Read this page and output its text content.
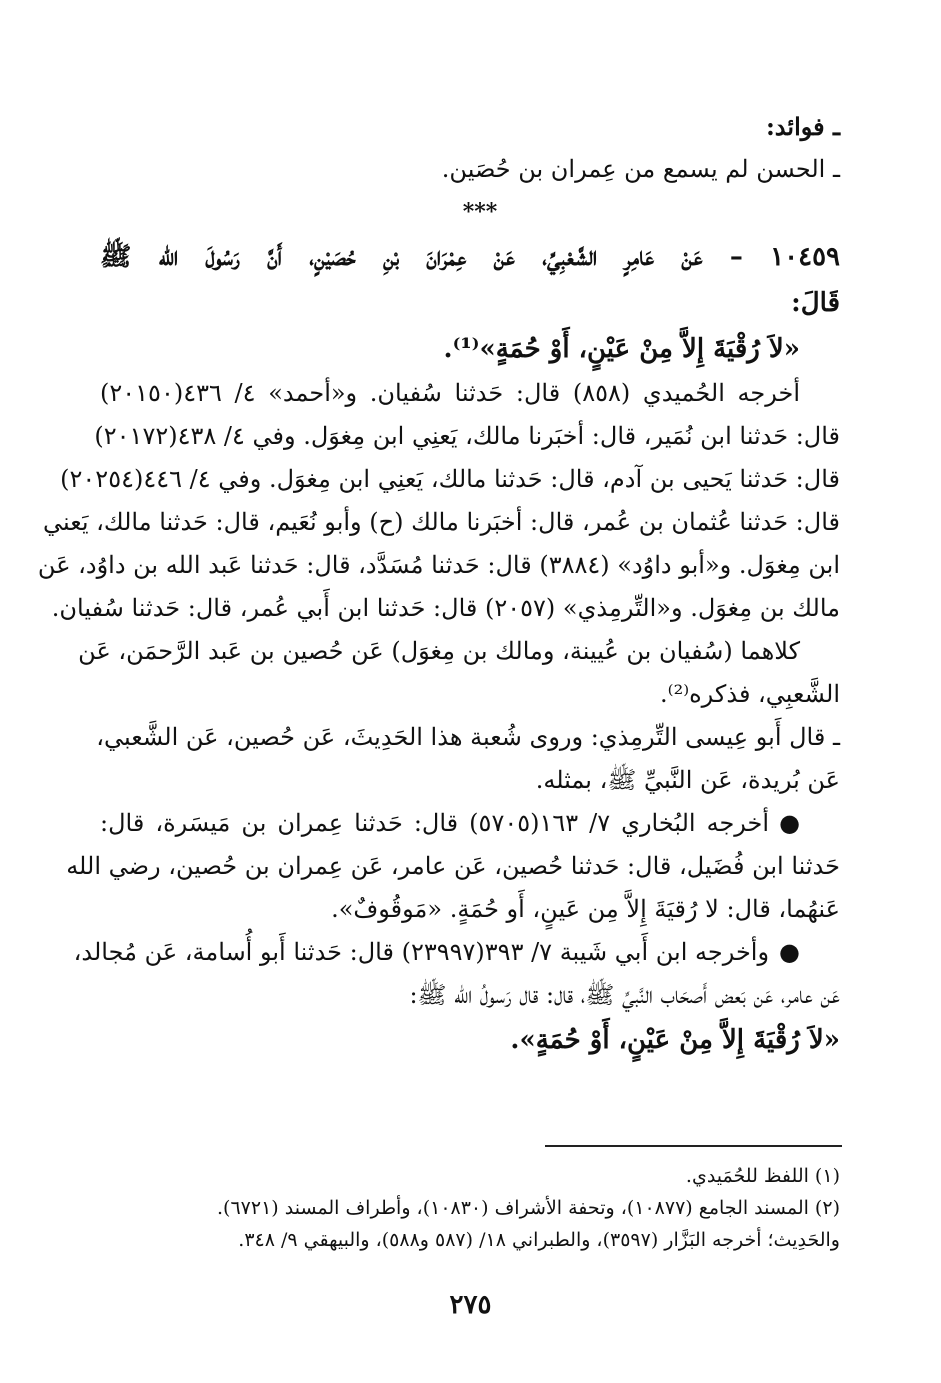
ـ فوائد:
ـ الحسن لم يسمع من عِمران بن حُصَين.
***
١٠٤٥٩ – عَنْ عَامِرٍ الشَّعْبِيِّ، عَنْ عِمْرَانَ بْنِ حُصَيْنٍ، أَنَّ رَسُولَ الله ﷺ
قَالَ:
«لاَ رُقْيَةَ إِلاَّ مِنْ عَيْنٍ، أَوْ حُمَةٍ»⁽¹⁾.
أخرجه الحُميدي (٨٥٨) قال: حَدثنا سُفيان. و«أحمد» ٤/ ٤٣٦(٢٠١٥٠)
قال: حَدثنا ابن نُمَير، قال: أخبَرنا مالك، يَعنِي ابن مِغوَل. وفي ٤/ ٤٣٨(٢٠١٧٢)
قال: حَدثنا يَحيى بن آدم، قال: حَدثنا مالك، يَعنِي ابن مِغوَل. وفي ٤/ ٤٤٦(٢٠٢٥٤)
قال: حَدثنا عُثمان بن عُمر، قال: أخبَرنا مالك (ح) وأبو نُعَيم، قال: حَدثنا مالك، يَعني
ابن مِغوَل. و«أبو داوُد» (٣٨٨٤) قال: حَدثنا مُسَدَّد، قال: حَدثنا عَبد الله بن داوُد، عَن
مالك بن مِغوَل. و«التِّرمِذي» (٢٠٥٧) قال: حَدثنا ابن أَبي عُمر، قال: حَدثنا سُفيان.
كلاهما (سُفيان بن عُيينة، ومالك بن مِغوَل) عَن حُصين بن عَبد الرَّحمَن، عَن
الشَّعبِي، فذكره⁽²⁾.
ـ قال أَبو عِيسى التِّرمِذي: وروى شُعبة هذا الحَدِيثَ، عَن حُصين، عَن الشَّعبي،
عَن بُريدة، عَن النَّبيِّ ﷺ، بمثله.
●أخرجه البُخاري ٧/ ١٦٣(٥٧٠٥) قال: حَدثنا عِمران بن مَيسَرة، قال:
حَدثنا ابن فُضَيل، قال: حَدثنا حُصين، عَن عامر، عَن عِمران بن حُصين، رضي الله
عَنهُما، قال: لا رُقيَةَ إِلاَّ مِن عَينٍ، أَو حُمَةٍ. «مَوقُوفٌ».
●وأخرجه ابن أَبي شَيبة ٧/ ٣٩٣(٢٣٩٩٧) قال: حَدثنا أَبو أُسامة، عَن مُجالد،
عَن عامر، عَن بَعض أَصحَاب النَّبيِّ ﷺ، قال: قال رَسولُ الله ﷺ:
«لاَ رُقْيَةَ إِلاَّ مِنْ عَيْنٍ، أَوْ حُمَةٍ».
(١) اللفظ للحُمَيدي.
(٢) المسند الجامع (١٠٨٧٧)، وتحفة الأشراف (١٠٨٣٠)، وأطراف المسند (٦٧٢١).
والحَدِيث؛ أخرجه البَزَّار (٣٥٩٧)، والطبراني ١٨/ (٥٨٧ و٥٨٨)، والبيهقي ٩/ ٣٤٨.
٢٧٥
